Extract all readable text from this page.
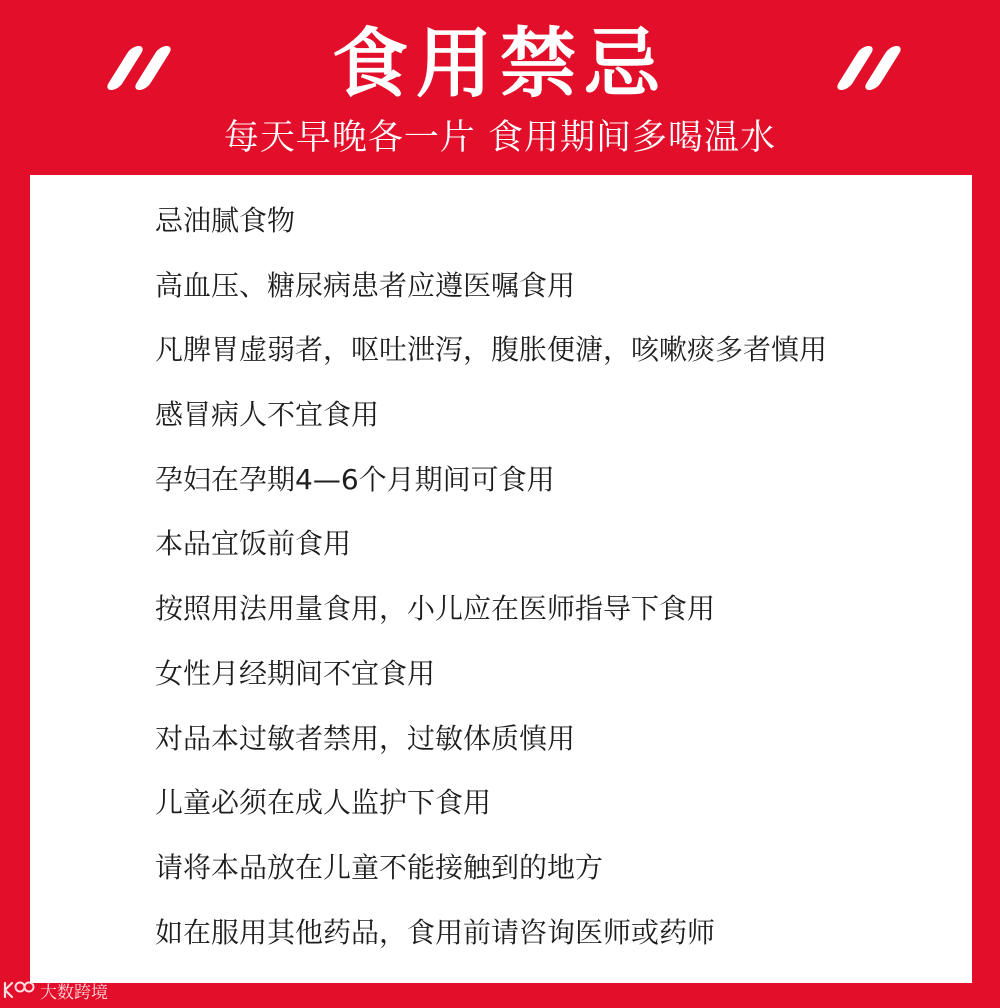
食用禁忌
每天早晚各一片 食用期间多喝温水
忌油腻食物
高血压、糖尿病患者应遵医嘱食用
凡脾胃虚弱者，呕吐泄泻，腹胀便溏，咳嗽痰多者慎用
感冒病人不宜食用
孕妇在孕期4—6个月期间可食用
本品宜饭前食用
按照用法用量食用，小儿应在医师指导下食用
女性月经期间不宜食用
对品本过敏者禁用，过敏体质慎用
儿童必须在成人监护下食用
请将本品放在儿童不能接触到的地方
如在服用其他药品，食用前请咨询医师或药师
大数跨境
